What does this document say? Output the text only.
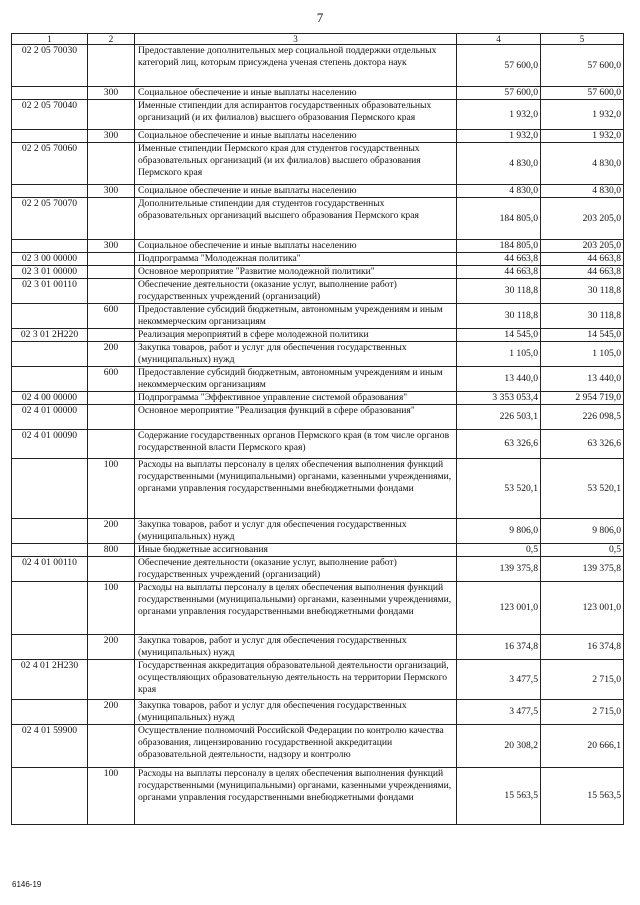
7
1	2	3	4	5
02 2 05 70030		Предоставление дополнительных мер социальной поддержки отдельных категорий лиц, которым присуждена ученая степень доктора наук	57 600,0	57 600,0
	300	Социальное обеспечение и иные выплаты населению	57 600,0	57 600,0
02 2 05 70040		Именные стипендии для аспирантов государственных образовательных организаций (и их филиалов) высшего образования Пермского края	1 932,0	1 932,0
	300	Социальное обеспечение и иные выплаты населению	1 932,0	1 932,0
02 2 05 70060		Именные стипендии Пермского края для студентов государственных образовательных организаций (и их филиалов) высшего образования Пермского края	4 830,0	4 830,0
	300	Социальное обеспечение и иные выплаты населению	4 830,0	4 830,0
02 2 05 70070		Дополнительные стипендии для студентов государственных образовательных организаций высшего образования Пермского края	184 805,0	203 205,0
	300	Социальное обеспечение и иные выплаты населению	184 805,0	203 205,0
02 3 00 00000		Подпрограмма "Молодежная политика"	44 663,8	44 663,8
02 3 01 00000		Основное мероприятие "Развитие молодежной политики"	44 663,8	44 663,8
02 3 01 00110		Обеспечение деятельности (оказание услуг, выполнение работ) государственных учреждений (организаций)	30 118,8	30 118,8
	600	Предоставление субсидий бюджетным, автономным учреждениям и иным некоммерческим организациям	30 118,8	30 118,8
02 3 01 2Н220		Реализация мероприятий в сфере молодежной политики	14 545,0	14 545,0
	200	Закупка товаров, работ и услуг для обеспечения государственных (муниципальных) нужд	1 105,0	1 105,0
	600	Предоставление субсидий бюджетным, автономным учреждениям и иным некоммерческим организациям	13 440,0	13 440,0
02 4 00 00000		Подпрограмма "Эффективное управление системой образования"	3 353 053,4	2 954 719,0
02 4 01 00000		Основное мероприятие "Реализация функций в сфере образования"	226 503,1	226 098,5
02 4 01 00090		Содержание государственных органов Пермского края (в том числе органов государственной власти Пермского края)	63 326,6	63 326,6
	100	Расходы на выплаты персоналу в целях обеспечения выполнения функций государственными (муниципальными) органами, казенными учреждениями, органами управления государственными внебюджетными фондами	53 520,1	53 520,1
	200	Закупка товаров, работ и услуг для обеспечения государственных (муниципальных) нужд	9 806,0	9 806,0
	800	Иные бюджетные ассигнования	0,5	0,5
02 4 01 00110		Обеспечение деятельности (оказание услуг, выполнение работ) государственных учреждений (организаций)	139 375,8	139 375,8
	100	Расходы на выплаты персоналу в целях обеспечения выполнения функций государственными (муниципальными) органами, казенными учреждениями, органами управления государственными внебюджетными фондами	123 001,0	123 001,0
	200	Закупка товаров, работ и услуг для обеспечения государственных (муниципальных) нужд	16 374,8	16 374,8
02 4 01 2Н230		Государственная аккредитация образовательной деятельности организаций, осуществляющих образовательную деятельность на территории Пермского края	3 477,5	2 715,0
	200	Закупка товаров, работ и услуг для обеспечения государственных (муниципальных) нужд	3 477,5	2 715,0
02 4 01 59900		Осуществление полномочий Российской Федерации по контролю качества образования, лицензированию государственной аккредитации образовательной деятельности, надзору и контролю	20 308,2	20 666,1
	100	Расходы на выплаты персоналу в целях обеспечения выполнения функций государственными (муниципальными) органами, казенными учреждениями, органами управления государственными внебюджетными фондами	15 563,5	15 563,5
6146-19
